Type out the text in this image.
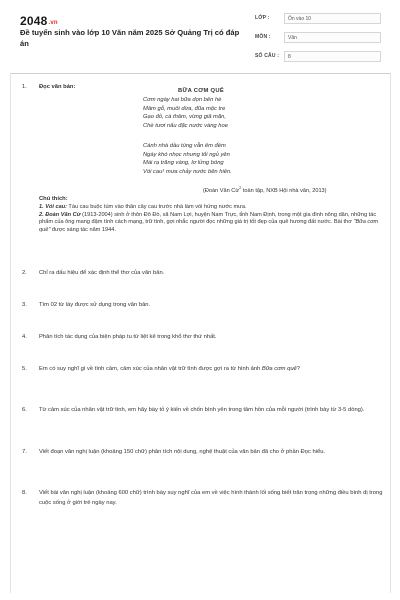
2048.vn
Đề tuyển sinh vào lớp 10 Văn năm 2025 Sở Quảng Trị có đáp án
LỚP :	Ôn vào 10
MÔN :	Văn
SỐ CÂU :	8
1.	Đọc văn bản:
BỮA CƠM QUÊ
Cơm ngày hai bữa dọn bên hè
Mâm gỗ, muôi dừa, đũa mộc tre
Gạo đỏ, cà thâm, vừng giã mặn,
Chè tươi nấu đặc nước vàng hoe
Cánh nhà dầu túng vẫn êm đềm
Ngày khó nhọc nhưng tối ngủ yên
Mái rạ trăng vàng, lơ lửng bóng
Vói cau¹ mưa chảy nước bên hiên.
(Đoàn Văn Cừ$^2$ toàn tập, NXB Hội nhà văn, 2013)
Chú thích:
1. Vói cau: Tàu cau buộc túm vào thân cây cau trước nhà làm vói hứng nước mưa.
2. Đoàn Văn Cừ (1913-2004) sinh ở thôn Đô Đò, xã Nam Lợi, huyện Nam Trực, tỉnh Nam Định, trong một gia đình nông dân, những tác phẩm của ông mang đậm tính cách mạng, trữ tình, gợi nhắc người đọc những giá trị tốt đẹp của quê hương đất nước. Bài thơ "Bữa cơm quê" được sáng tác năm 1944.
2.	Chỉ ra dấu hiệu để xác định thể thơ của văn bản.
3.	Tìm 02 từ láy được sử dụng trong văn bản.
4.	Phân tích tác dụng của biện pháp tu từ liệt kê trong khổ thơ thứ nhất.
5.	Em có suy nghĩ gì về tình cảm, cảm xúc của nhân vật trữ tình được gợi ra từ hình ảnh Bữa cơm quê?
6.	Từ cảm xúc của nhân vật trữ tình, em hãy bày tỏ ý kiến về chốn bình yên trong tâm hồn của mỗi người (trình bày từ 3-5 dòng).
7.	Viết đoạn văn nghị luận (khoảng 150 chữ) phân tích nội dung, nghệ thuật của văn bản đã cho ở phần Đọc hiểu.
8.	Viết bài văn nghị luận (khoảng 600 chữ) trình bày suy nghĩ của em về việc hình thành lối sống biết trân trọng những điều bình dị trong cuộc sống ở giới trẻ ngày nay.
